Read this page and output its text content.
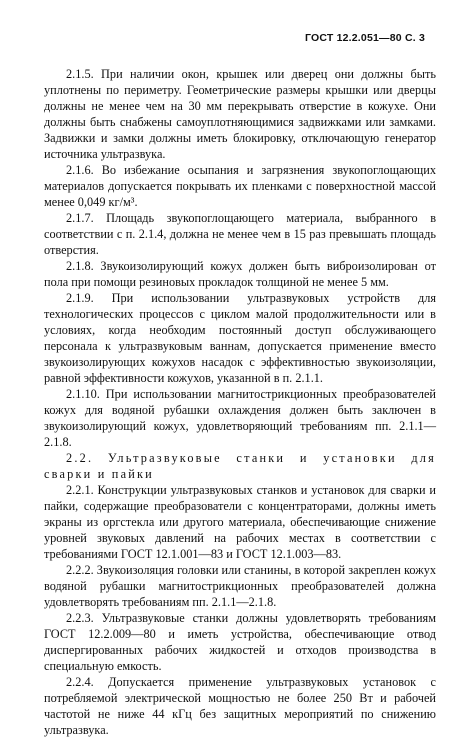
ГОСТ 12.2.051—80 С. 3

2.1.5. При наличии окон, крышек или дверец они должны быть уплотнены по периметру. Геометрические размеры крышки или дверцы должны не менее чем на 30 мм перекрывать отверстие в кожухе. Они должны быть снабжены самоуплотняющимися задвижками или замками. Задвижки и замки должны иметь блокировку, отключающую генератор источника ультразвука.

2.1.6. Во избежание осыпания и загрязнения звукопоглощающих материалов допускается покрывать их пленками с поверхностной массой менее 0,049 кг/м³.

2.1.7. Площадь звукопоглощающего материала, выбранного в соответствии с п. 2.1.4, должна не менее чем в 15 раз превышать площадь отверстия.

2.1.8. Звукоизолирующий кожух должен быть виброизолирован от пола при помощи резиновых прокладок толщиной не менее 5 мм.

2.1.9. При использовании ультразвуковых устройств для технологических процессов с циклом малой продолжительности или в условиях, когда необходим постоянный доступ обслуживающего персонала к ультразвуковым ваннам, допускается применение вместо звукоизолирующих кожухов насадок с эффективностью звукоизоляции, равной эффективности кожухов, указанной в п. 2.1.1.

2.1.10. При использовании магнитострикционных преобразователей кожух для водяной рубашки охлаждения должен быть заключен в звукоизолирующий кожух, удовлетворяющий требованиям пп. 2.1.1—2.1.8.

2.2. Ультразвуковые станки и установки для сварки и пайки

2.2.1. Конструкции ультразвуковых станков и установок для сварки и пайки, содержащие преобразователи с концентраторами, должны иметь экраны из оргстекла или другого материала, обеспечивающие снижение уровней звуковых давлений на рабочих местах в соответствии с требованиями ГОСТ 12.1.001—83 и ГОСТ 12.1.003—83.

2.2.2. Звукоизоляция головки или станины, в которой закреплен кожух водяной рубашки магнитострикционных преобразователей должна удовлетворять требованиям пп. 2.1.1—2.1.8.

2.2.3. Ультразвуковые станки должны удовлетворять требованиям ГОСТ 12.2.009—80 и иметь устройства, обеспечивающие отвод диспергированных рабочих жидкостей и отходов производства в специальную емкость.

2.2.4. Допускается применение ультразвуковых установок с потребляемой электрической мощностью не более 250 Вт и рабочей частотой не ниже 44 кГц без защитных мероприятий по снижению ультразвука.
